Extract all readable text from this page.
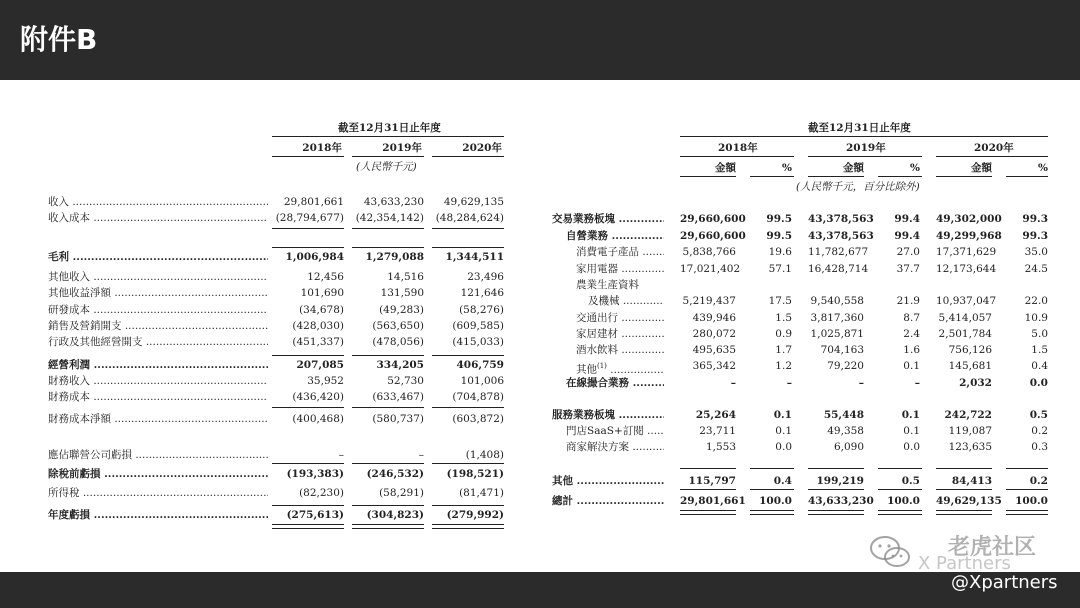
附件B
截至12月31日止年度
2018年	2019年	2020年
(人民幣千元)
收入 .....	29,801,661	43,633,230	49,629,135
收入成本 .....	(28,794,677)	(42,354,142)	(48,284,624)
毛利 .....	1,006,984	1,279,088	1,344,511
其他收入 .....	12,456	14,516	23,496
其他收益淨額 .....	101,690	131,590	121,646
研發成本 .....	(34,678)	(49,283)	(58,276)
銷售及營銷開支 .....	(428,030)	(563,650)	(609,585)
行政及其他經營開支 .....	(451,337)	(478,056)	(415,033)
經營利潤 .....	207,085	334,205	406,759
財務收入 .....	35,952	52,730	101,006
財務成本 .....	(436,420)	(633,467)	(704,878)
財務成本淨額 .....	(400,468)	(580,737)	(603,872)
應佔聯營公司虧損 .....	–	–	(1,408)
除稅前虧損 .....	(193,383)	(246,532)	(198,521)
所得稅 .....	(82,230)	(58,291)	(81,471)
年度虧損 .....	(275,613)	(304,823)	(279,992)
截至12月31日止年度
2018年	2019年	2020年
金額	%	金額	%	金額	%
(人民幣千元，百分比除外)
交易業務板塊 .....	29,660,600	99.5 43,378,563	99.4 49,302,000	99.3
自營業務 .....	29,660,600	99.5 43,378,563	99.4 49,299,968	99.3
消費電子產品 .....	5,838,766	19.6 11,782,677	27.0 17,371,629	35.0
家用電器 .....	17,021,402	57.1 16,428,714	37.7 12,173,644	24.5
農業生產資料
及機械 .....	5,219,437	17.5 9,540,558	21.9 10,937,047	22.0
交通出行 .....	439,946	1.5 3,817,360	8.7 5,414,057	10.9
家居建材 .....	280,072	0.9 1,025,871	2.4 2,501,784	5.0
酒水飲料 .....	495,635	1.7	704,163	1.6	756,126	1.5
其他$^{(1)}$ .....	365,342	1.2	79,220	0.1	145,681	0.4
在線撮合業務 .....	–	–	–	–	2,032	0.0
服務業務板塊 .....	25,264	0.1	55,448	0.1	242,722	0.5
門店SaaS+訂閱 .....	23,711	0.1	49,358	0.1	119,087	0.2
商家解決方案 .....	1,553	0.0	6,090	0.0	123,635	0.3
其他 .....	115,797	0.4	199,219	0.5	84,413	0.2
總計 .....	29,801,661	100.0 43,633,230	100.0 49,629,135	100.0
老虎社区
X Partners
@Xpartners
